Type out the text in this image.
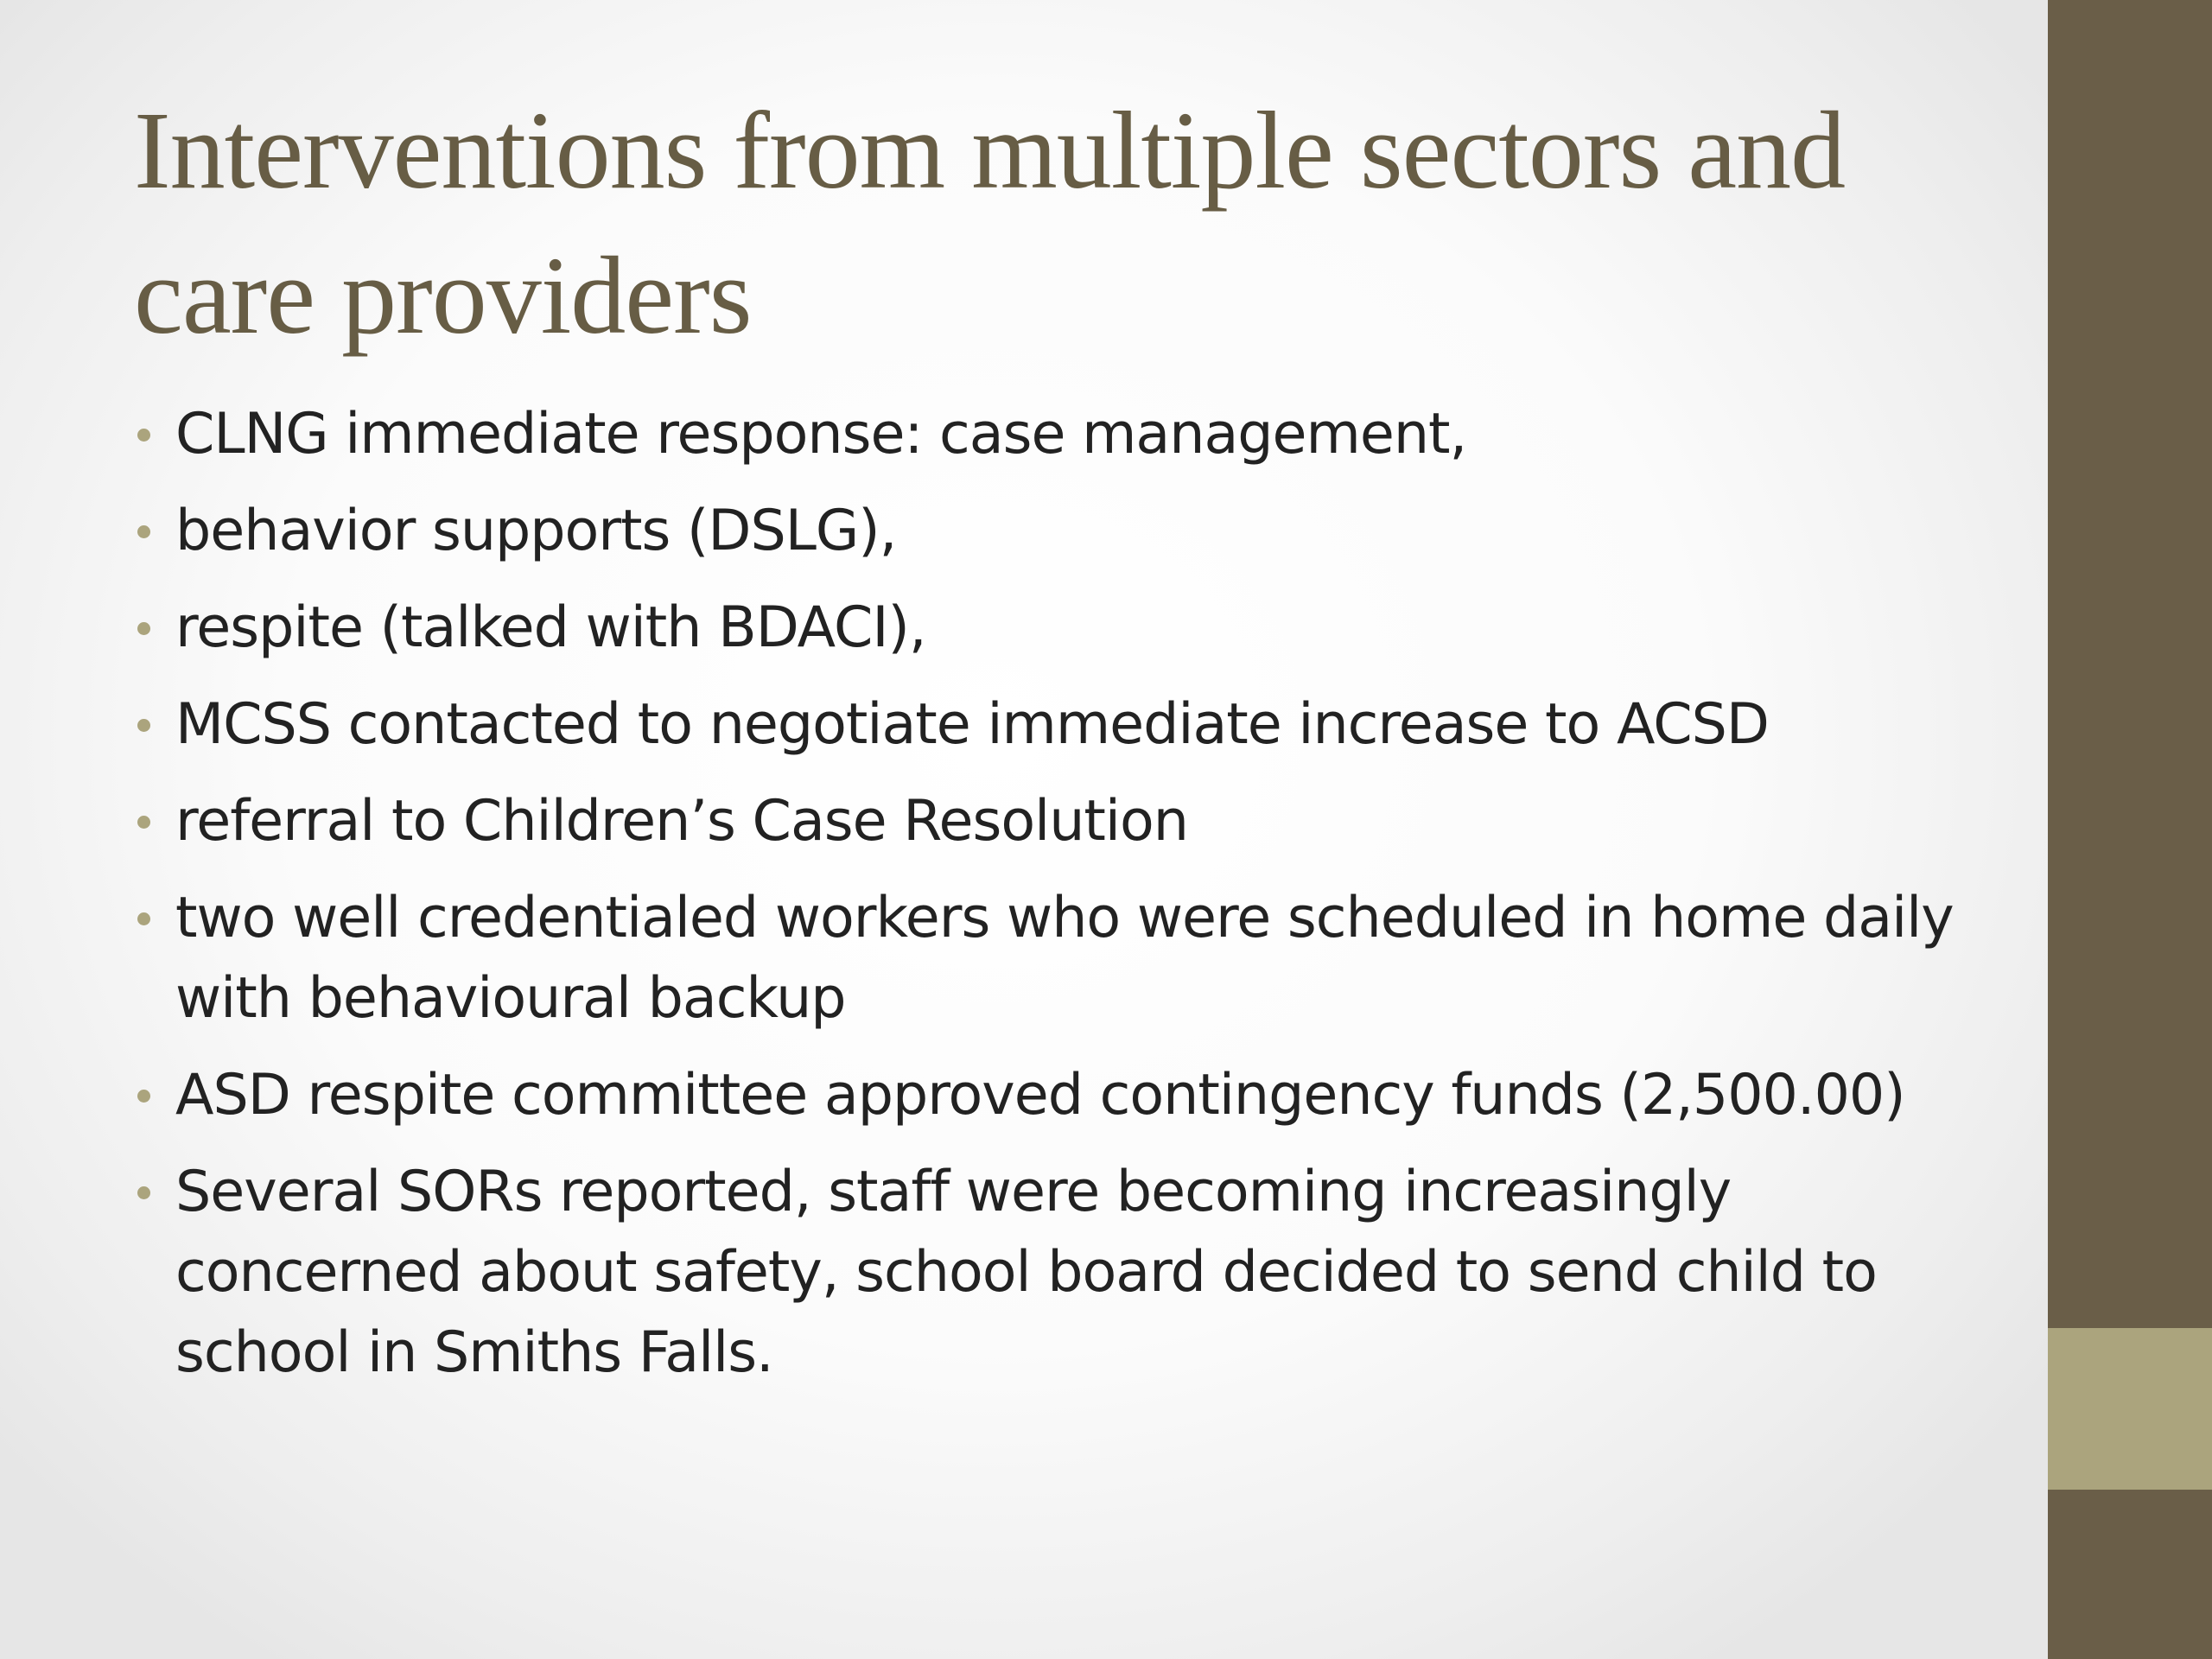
Interventions from multiple sectors and care providers
CLNG immediate response: case management,
behavior supports (DSLG),
respite (talked with BDACI),
MCSS contacted to negotiate immediate increase to ACSD
referral to Children’s Case Resolution
two well credentialed workers who were scheduled in home daily with behavioural backup
ASD respite committee approved contingency funds (2,500.00)
Several SORs reported, staff were becoming increasingly concerned about safety, school board decided to send child to school in Smiths Falls.
